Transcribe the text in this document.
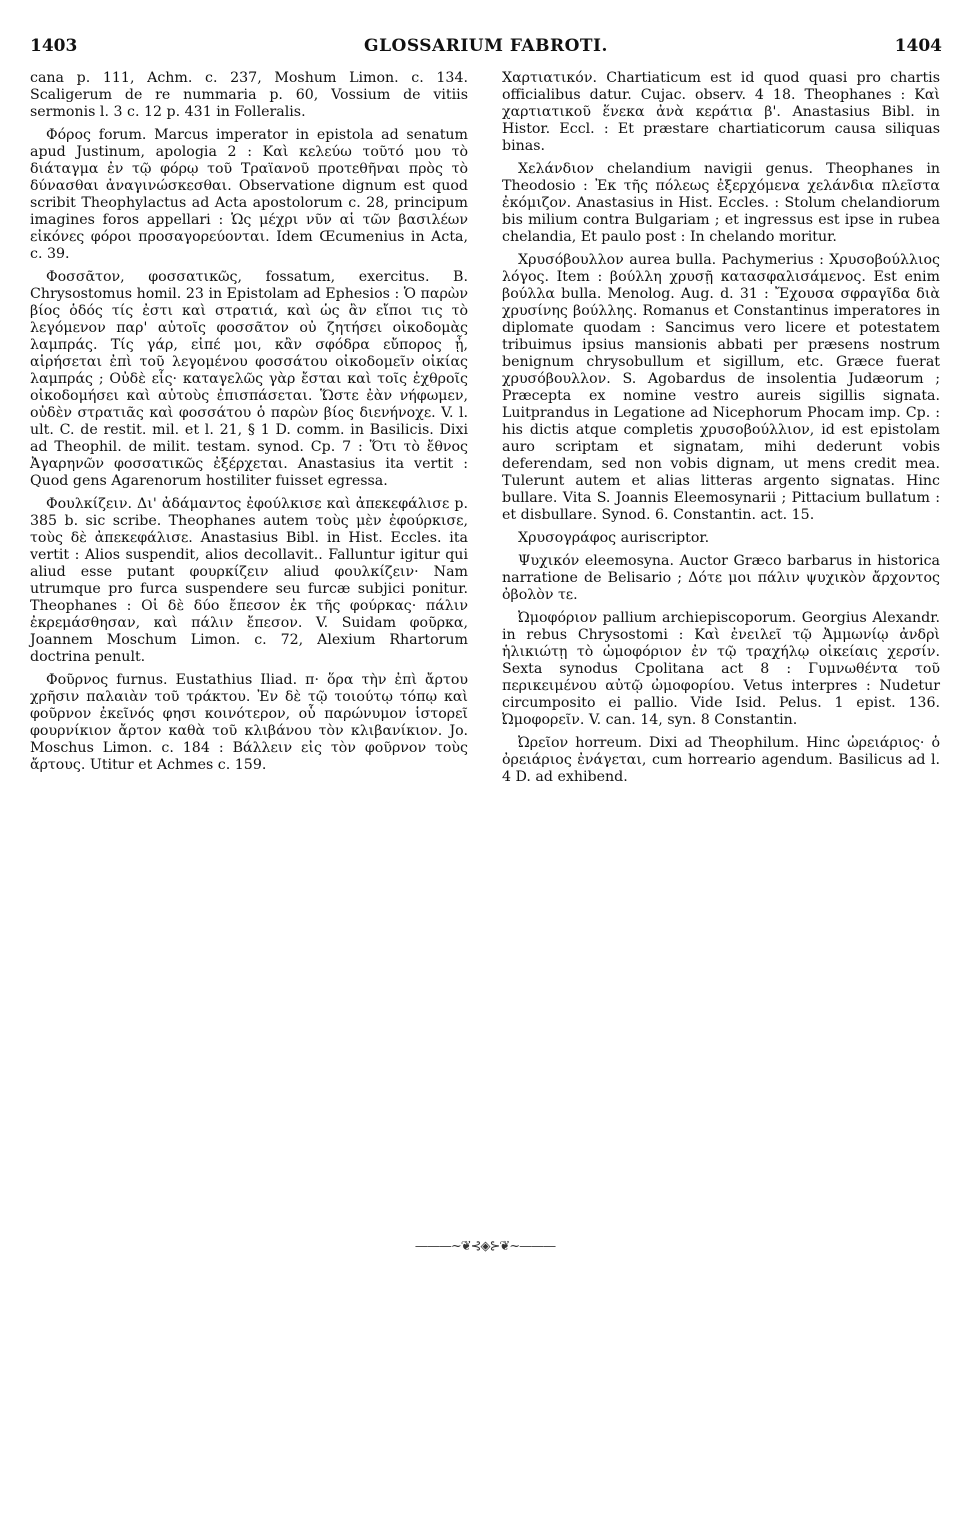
1403	GLOSSARIUM FABROTI.	1404

cana p. 111, Achm. c. 237, Moshum Limon. c. 134. Scaligerum de re nummaria p. 60, Vossium de vitiis sermonis l. 3 c. 12 p. 431 in Folleralis.

Φόρος forum. Marcus imperator in epistola ad senatum apud Justinum, apologia 2 : Καὶ κελεύω τοῦτό μου τὸ διάταγμα ἐν τῷ φόρῳ τοῦ Τραϊανοῦ προτεθῆναι πρὸς τὸ δύνασθαι ἀναγινώσκεσθαι. Observatione dignum est quod scribit Theophylactus ad Acta apostolorum c. 28, principum imagines foros appellari : Ὡς μέχρι νῦν αἱ τῶν βασιλέων εἰκόνες φόροι προσαγορεύονται. Idem Œcumenius in Acta, c. 39.

Φοσσᾶτον, φοσσατικῶς, fossatum, exercitus. B. Chrysostomus homil. 23 in Epistolam ad Ephesios : Ὁ παρὼν βίος ὁδός τίς ἐστι καὶ στρατιά, καὶ ὡς ἂν εἴποι τις τὸ λεγόμενον παρ' αὐτοῖς φοσσᾶτον οὐ ζητήσει οἰκοδομὰς λαμπράς. Τίς γάρ, εἰπέ μοι, κἂν σφόδρα εὔπορος ᾖ, αἱρήσεται ἐπὶ τοῦ λεγομένου φοσσάτου οἰκοδομεῖν οἰκίας λαμπράς ; Οὐδὲ εἷς· καταγελῶς γὰρ ἔσται καὶ τοῖς ἐχθροῖς οἰκοδομήσει καὶ αὐτοὺς ἐπισπάσεται. Ὥστε ἐὰν νήφωμεν, οὐδὲν στρατιᾶς καὶ φοσσάτου ὁ παρὼν βίος διενήνοχε. V. l. ult. C. de restit. mil. et l. 21, § 1 D. comm. in Basilicis. Dixi ad Theophil. de milit. testam. synod. Cp. 7 : Ὅτι τὸ ἔθνος Ἀγαρηνῶν φοσσατικῶς ἐξέρχεται. Anastasius ita vertit : Quod gens Agarenorum hostiliter fuisset egressa.

Φουλκίζειν. Δι' ἀδάμαντος ἐφούλκισε καὶ ἀπεκεφάλισε p. 385 b. sic scribe. Theophanes autem τοὺς μὲν ἐφούρκισε, τοὺς δὲ ἀπεκεφάλισε. Anastasius Bibl. in Hist. Eccles. ita vertit : Alios suspendit, alios decollavit.. Falluntur igitur qui aliud esse putant φουρκίζειν aliud φουλκίζειν· Nam utrumque pro furca suspendere seu furcæ subjici ponitur. Theophanes : Οἱ δὲ δύο ἔπεσον ἐκ τῆς φούρκας· πάλιν ἐκρεμάσθησαν, καὶ πάλιν ἔπεσον. V. Suidam φοῦρκα, Joannem Moschum Limon. c. 72, Alexium Rhartorum doctrina penult.

Φοῦρνος furnus. Eustathius Iliad. π· ὅρα τὴν ἐπὶ ἄρτου χρῆσιν παλαιὰν τοῦ τράκτου. Ἐν δὲ τῷ τοιούτῳ τόπῳ καὶ φοῦρνον ἐκεῖνός φησι κοινότερον, οὗ παρώνυμον ἱστορεῖ φουρνίκιον ἄρτον καθὰ τοῦ κλιβάνου τὸν κλιβανίκιον. Jo. Moschus Limon. c. 184 : Βάλλειν εἰς τὸν φοῦρνον τοὺς ἄρτους. Utitur et Achmes c. 159.

Χαρτιατικόν. Chartiaticum est id quod quasi pro chartis officialibus datur. Cujac. observ. 4 18. Theophanes : Καὶ χαρτιατικοῦ ἕνεκα ἀνὰ κεράτια β'. Anastasius Bibl. in Histor. Eccl. : Et præstare chartiaticorum causa siliquas binas.

Χελάνδιον chelandium navigii genus. Theophanes in Theodosio : Ἐκ τῆς πόλεως ἐξερχόμενα χελάνδια πλεῖστα ἐκόμιζον. Anastasius in Hist. Eccles. : Stolum chelandiorum bis milium contra Bulgariam ; et ingressus est ipse in rubea chelandia, Et paulo post : In chelando moritur.

Χρυσόβουλλον aurea bulla. Pachymerius : Χρυσοβούλλιος λόγος. Item : βούλλη χρυσῇ κατασφαλισάμενος. Est enim βούλλα bulla. Menolog. Aug. d. 31 : Ἔχουσα σφραγῖδα διὰ χρυσίνης βούλλης. Romanus et Constantinus imperatores in diplomate quodam : Sancimus vero licere et potestatem tribuimus ipsius mansionis abbati per præsens nostrum benignum chrysobullum et sigillum, etc. Græce fuerat χρυσόβουλλον. S. Agobardus de insolentia Judæorum ; Præcepta ex nomine vestro aureis sigillis signata. Luitprandus in Legatione ad Nicephorum Phocam imp. Cp. : his dictis atque completis χρυσοβούλλιον, id est epistolam auro scriptam et signatam, mihi dederunt vobis deferendam, sed non vobis dignam, ut mens credit mea. Tulerunt autem et alias litteras argento signatas. Hinc bullare. Vita S. Joannis Eleemosynarii ; Pittacium bullatum : et disbullare. Synod. 6. Constantin. act. 15.

Χρυσογράφος auriscriptor.

Ψυχικόν eleemosyna. Auctor Græco barbarus in historica narratione de Belisario ; Δότε μοι πάλιν ψυχικὸν ἄρχοντος ὀβολὸν τε.

Ὠμοφόριον pallium archiepiscoporum. Georgius Alexandr. in rebus Chrysostomi : Καὶ ἐνειλεῖ τῷ Ἀμμωνίῳ ἀνδρὶ ἡλικιώτῃ τὸ ὠμοφόριον ἐν τῷ τραχήλῳ οἰκείαις χερσίν. Sexta synodus Cpolitana act 8 : Γυμνωθέντα τοῦ περικειμένου αὐτῷ ὠμοφορίου. Vetus interpres : Nudetur circumposito ei pallio. Vide Isid. Pelus. 1 epist. 136. Ὠμοφορεῖν. V. can. 14, syn. 8 Constantin.

Ὠρεῖον horreum. Dixi ad Theophilum. Hinc ὠρειάριος· ὁ ὀρειάριος ἐνάγεται, cum horreario agendum. Basilicus ad l. 4 D. ad exhibend.

———~❦⊰◈⊱❦~———
